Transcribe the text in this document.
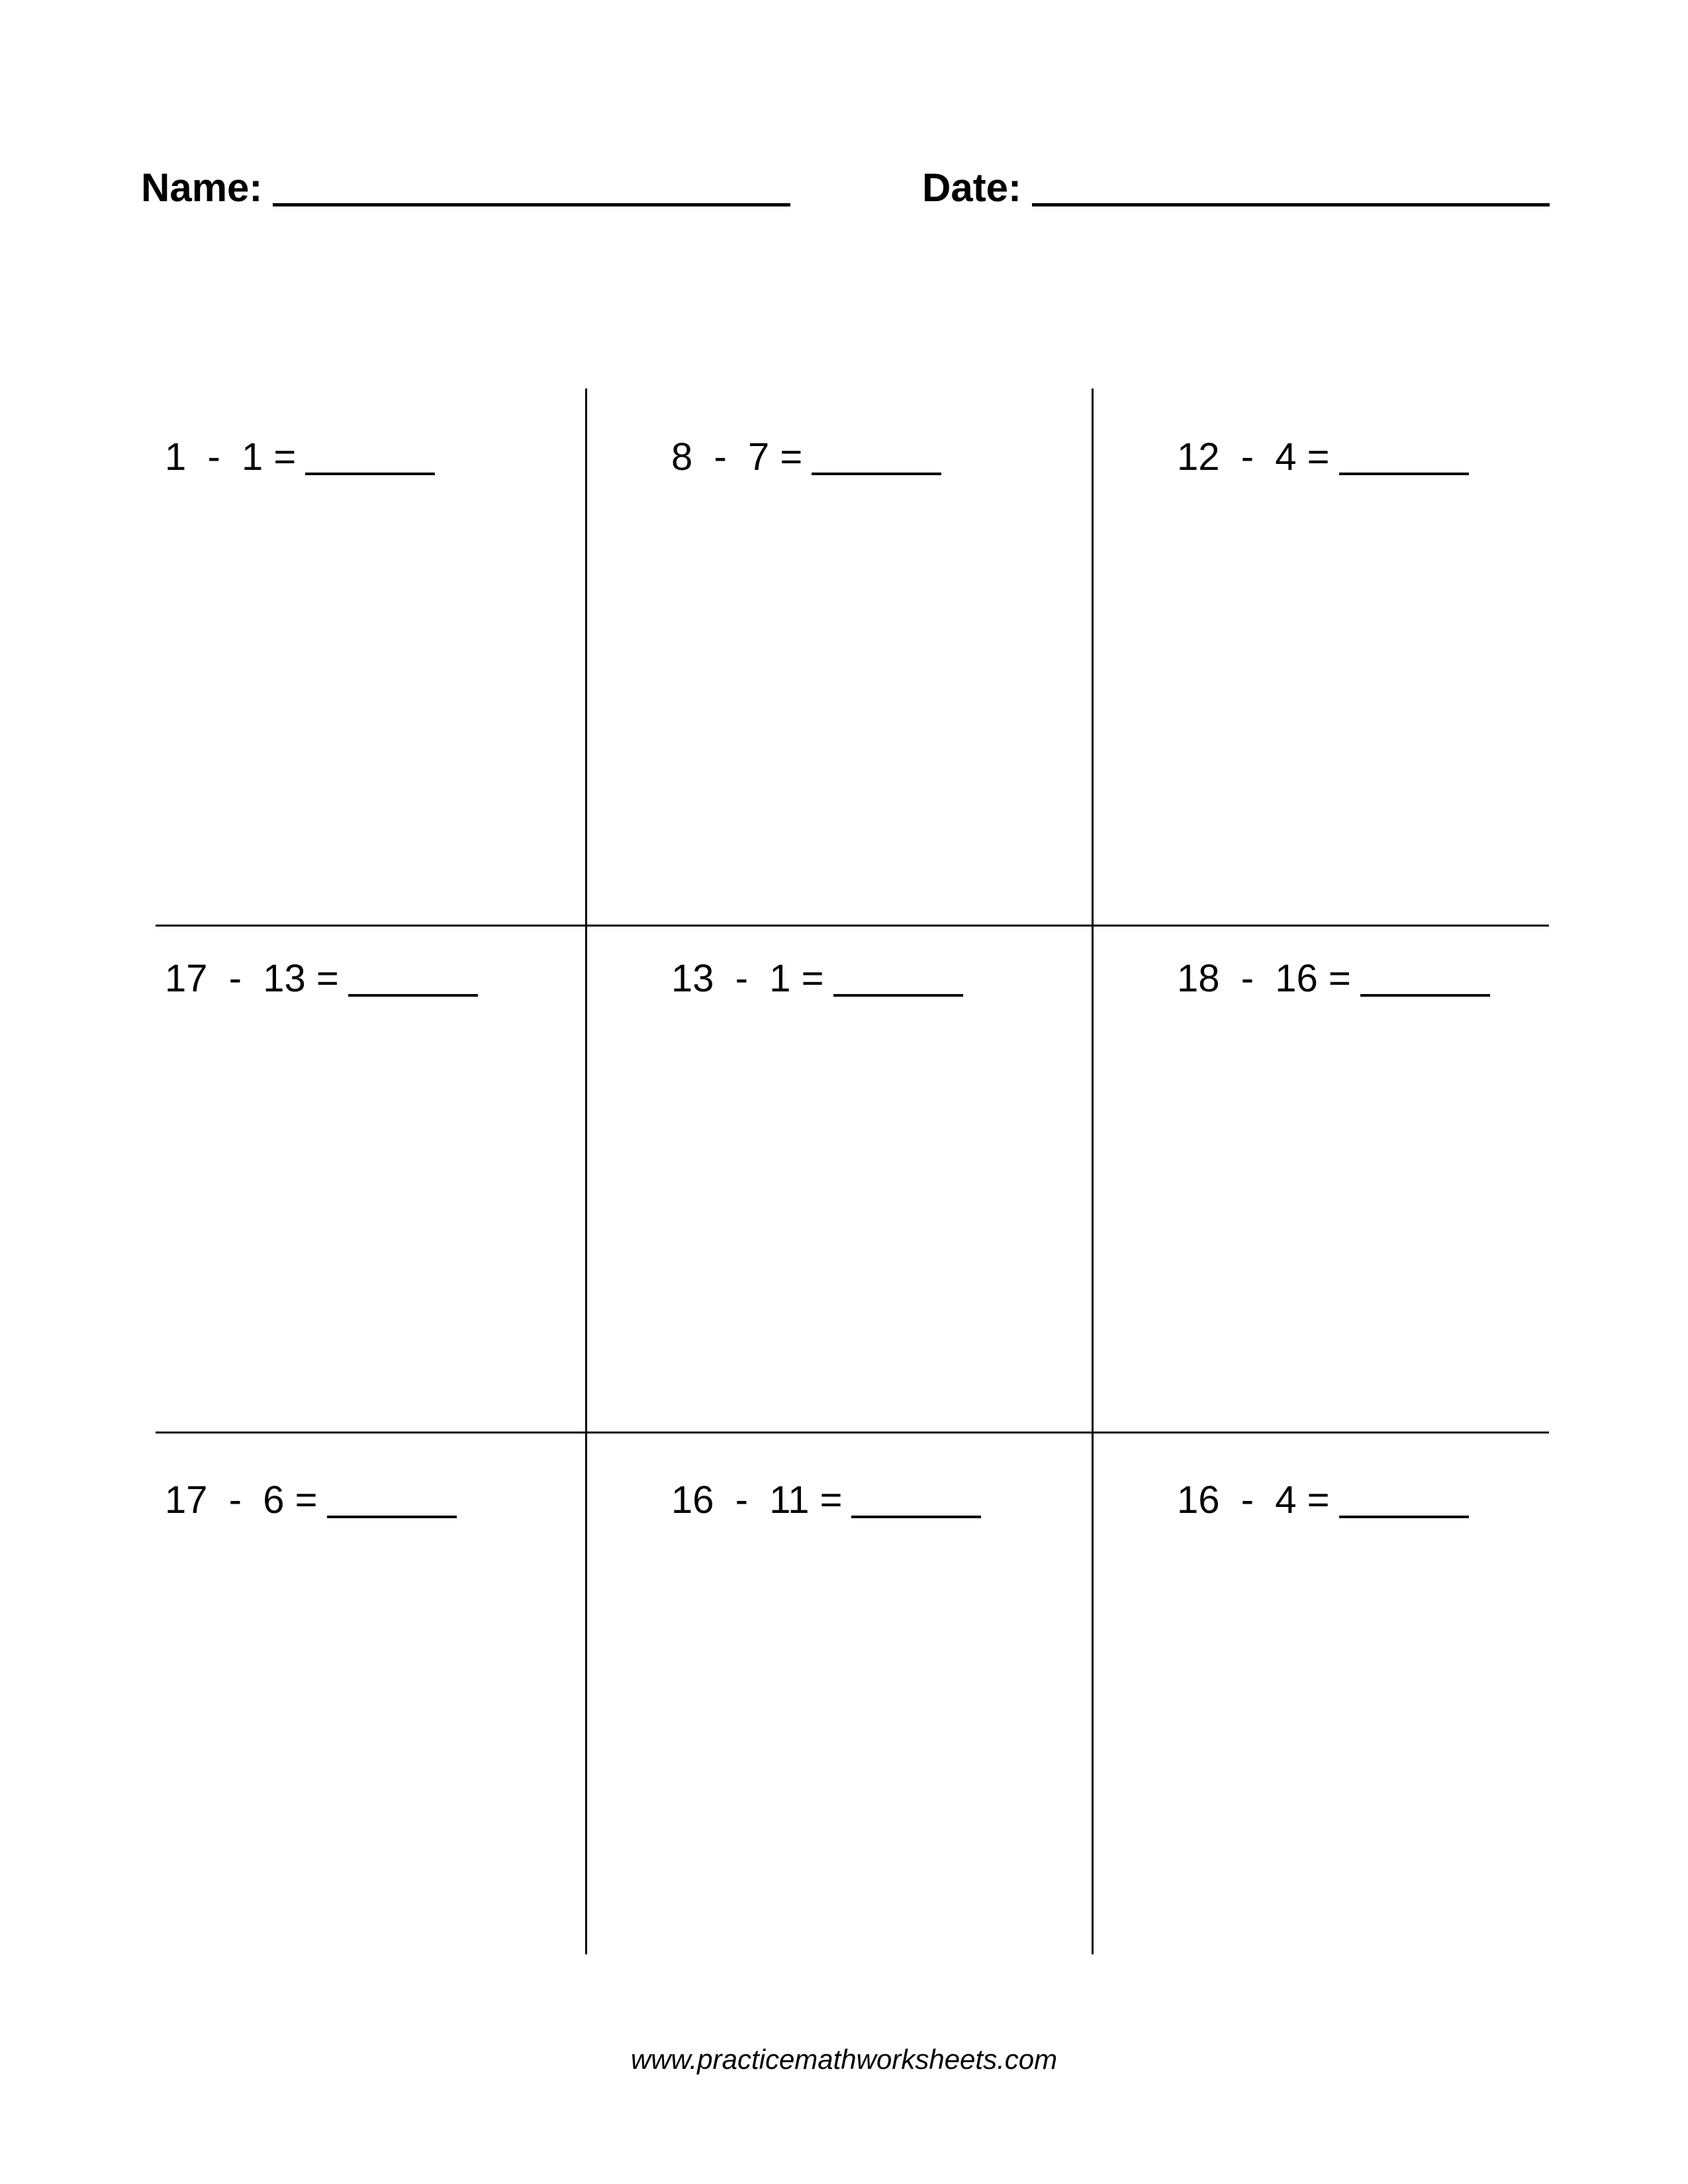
Name:	Date:
1  -  1 =	8  -  7 =	12  -  4 =
17  -  13 =	13  -  1 =	18  -  16 =
17  -  6 =	16  -  11 =	16  -  4 =
www.practicemathworksheets.com
